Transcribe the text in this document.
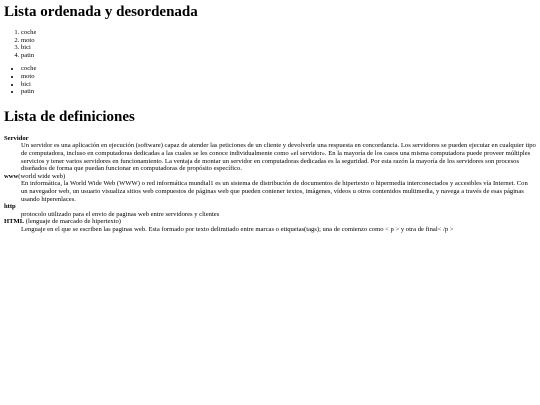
Lista ordenada y desordenada
1. coche
2. moto
3. bici
4. patin
• coche
• moto
• bici
• patin
Lista de definiciones
Servidor
Un servidor es una aplicación en ejecución (software) capaz de atender las peticiones de un cliente y devolverle una respuesta en concordancia. Los servidores se pueden ejecutar en cualquier tipo de computadora, incluso en computadoras dedicadas a las cuales se les conoce individualmente como «el servidor». En la mayoría de los casos una misma computadora puede proveer múltiples servicios y tener varios servidores en funcionamiento. La ventaja de montar un servidor en computadoras dedicadas es la seguridad. Por esta razón la mayoría de los servidores son procesos diseñados de forma que puedan funcionar en computadoras de propósito específico.
www(world wide web)
En informática, la World Wide Web (WWW) o red informática mundial1 es un sistema de distribución de documentos de hipertexto o hipermedia interconectados y accesibles vía Internet. Con un navegador web, un usuario visualiza sitios web compuestos de páginas web que pueden contener textos, imágenes, vídeos u otros contenidos multimedia, y navega a través de esas páginas usando hiperenlaces.
http
protocolo utilizado para el envio de paginas web entre servidores y clientes
HTML (lenguaje de marcado de hipertexto)
Lenguaje en el que se escriben las paginas web. Esta formado por texto delimitado entre marcas o etiquetas(tags); una de comienzo como < p > y otra de final< /p >
